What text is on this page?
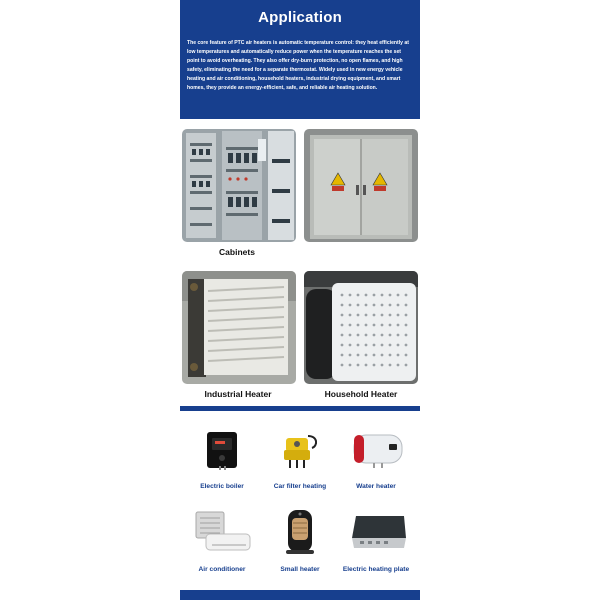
Application

The core feature of PTC air heaters is automatic temperature control: they heat efficiently at low temperatures and automatically reduce power when the temperature reaches the set point to avoid overheating. They also offer dry-burn protection, no open flames, and high safety, eliminating the need for a separate thermostat. Widely used in new energy vehicle heating and air conditioning, household heaters, industrial drying equipment, and smart homes, they provide an energy-efficient, safe, and reliable air heating solution.

Cabinets
Industrial Heater	Household Heater
Electric boiler	Car filter heating	Water heater
Air conditioner	Small heater	Electric heating plate
